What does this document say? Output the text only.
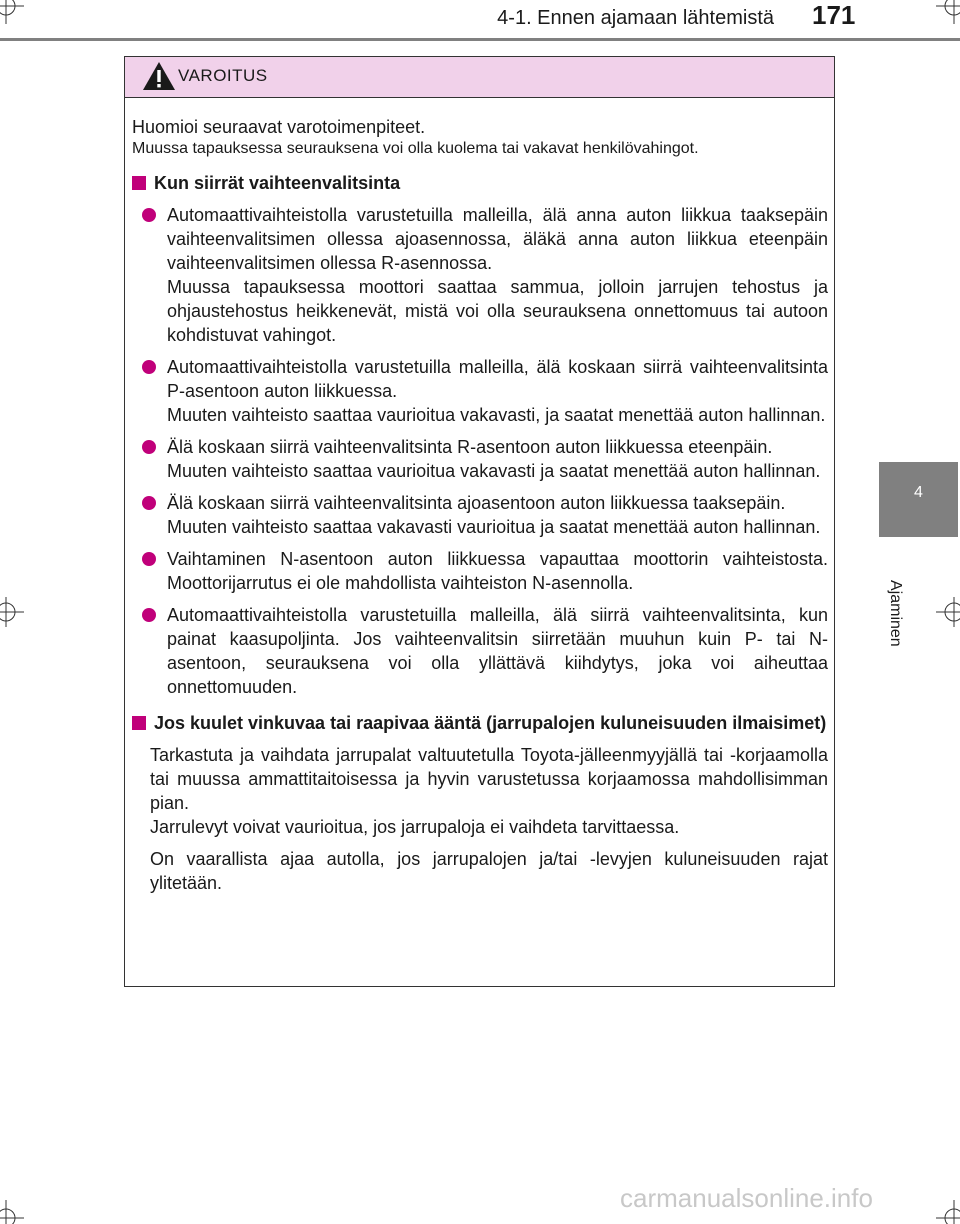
4-1. Ennen ajamaan lähtemistä 171
4
Ajaminen
VAROITUS

Huomioi seuraavat varotoimenpiteet.

Muussa tapauksessa seurauksena voi olla kuolema tai vakavat henkilövahingot.

Kun siirrät vaihteenvalitsinta

Automaattivaihteistolla varustetuilla malleilla, älä anna auton liikkua taaksepäin vaihteenvalitsimen ollessa ajoasennossa, äläkä anna auton liikkua eteenpäin vaihteenvalitsimen ollessa R-asennossa.

Muussa tapauksessa moottori saattaa sammua, jolloin jarrujen tehostus ja ohjaustehostus heikkenevät, mistä voi olla seurauksena onnettomuus tai autoon kohdistuvat vahingot.

Automaattivaihteistolla varustetuilla malleilla, älä koskaan siirrä vaihteenvalitsinta P-asentoon auton liikkuessa.

Muuten vaihteisto saattaa vaurioitua vakavasti, ja saatat menettää auton hallinnan.

Älä koskaan siirrä vaihteenvalitsinta R-asentoon auton liikkuessa eteenpäin.

Muuten vaihteisto saattaa vaurioitua vakavasti ja saatat menettää auton hallinnan.

Älä koskaan siirrä vaihteenvalitsinta ajoasentoon auton liikkuessa taaksepäin.

Muuten vaihteisto saattaa vakavasti vaurioitua ja saatat menettää auton hallinnan.

Vaihtaminen N-asentoon auton liikkuessa vapauttaa moottorin vaihteistosta. Moottorijarrutus ei ole mahdollista vaihteiston N-asennolla.

Automaattivaihteistolla varustetuilla malleilla, älä siirrä vaihteenvalitsinta, kun painat kaasupoljinta. Jos vaihteenvalitsin siirretään muuhun kuin P- tai N-asentoon, seurauksena voi olla yllättävä kiihdytys, joka voi aiheuttaa onnettomuuden.

Jos kuulet vinkuvaa tai raapivaa ääntä (jarrupalojen kuluneisuuden ilmaisimet)

Tarkastuta ja vaihdata jarrupalat valtuutetulla Toyota-jälleenmyyjällä tai -korjaamolla tai muussa ammattitaitoisessa ja hyvin varustetussa korjaamossa mahdollisimman pian.

Jarrulevyt voivat vaurioitua, jos jarrupaloja ei vaihdeta tarvittaessa.

On vaarallista ajaa autolla, jos jarrupalojen ja/tai -levyjen kuluneisuuden rajat ylitetään.

carmanualsonline.info
